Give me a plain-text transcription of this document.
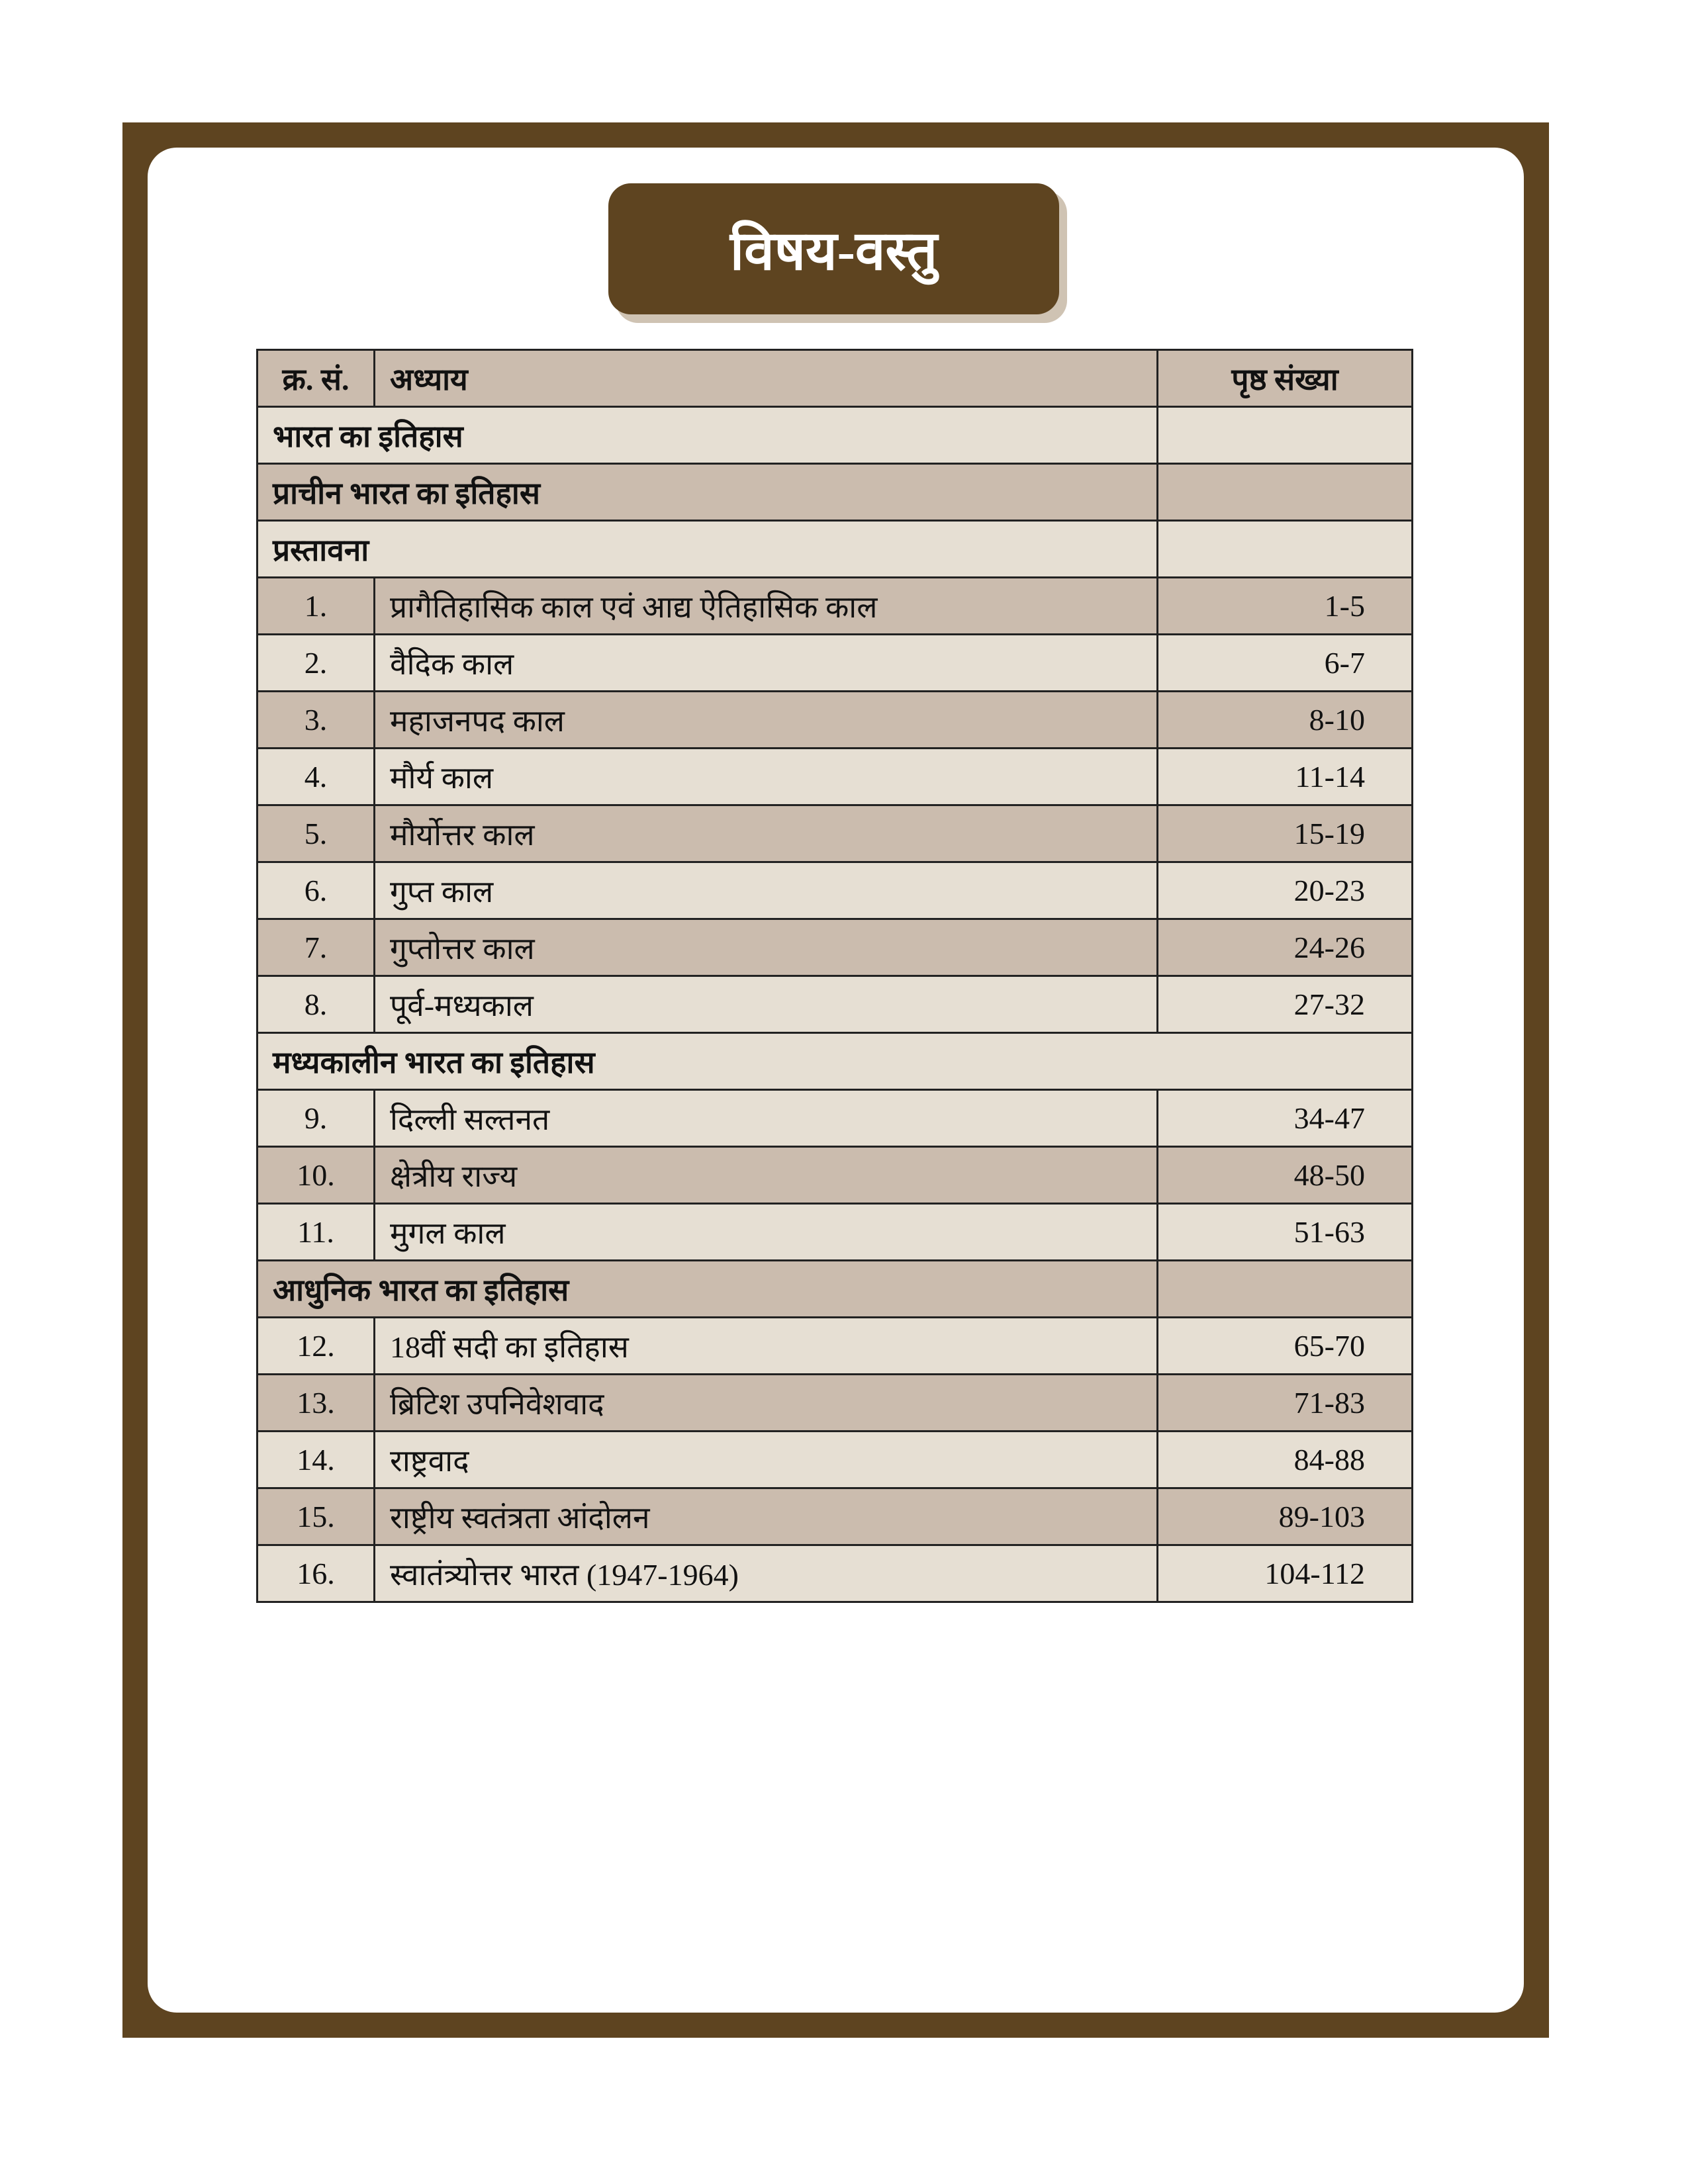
विषय-वस्तु
क्र. सं.	अध्याय	पृष्ठ संख्या
भारत का इतिहास		
प्राचीन भारत का इतिहास		
प्रस्तावना		
1.	प्रागैतिहासिक काल एवं आद्य ऐतिहासिक काल	1-5
2.	वैदिक काल	6-7
3.	महाजनपद काल	8-10
4.	मौर्य काल	11-14
5.	मौर्योत्तर काल	15-19
6.	गुप्त काल	20-23
7.	गुप्तोत्तर काल	24-26
8.	पूर्व-मध्यकाल	27-32
मध्यकालीन भारत का इतिहास		
9.	दिल्ली सल्तनत	34-47
10.	क्षेत्रीय राज्य	48-50
11.	मुगल काल	51-63
आधुनिक भारत का इतिहास		
12.	18वीं सदी का इतिहास	65-70
13.	ब्रिटिश उपनिवेशवाद	71-83
14.	राष्ट्रवाद	84-88
15.	राष्ट्रीय स्वतंत्रता आंदोलन	89-103
16.	स्वातंत्र्योत्तर भारत (1947-1964)	104-112
